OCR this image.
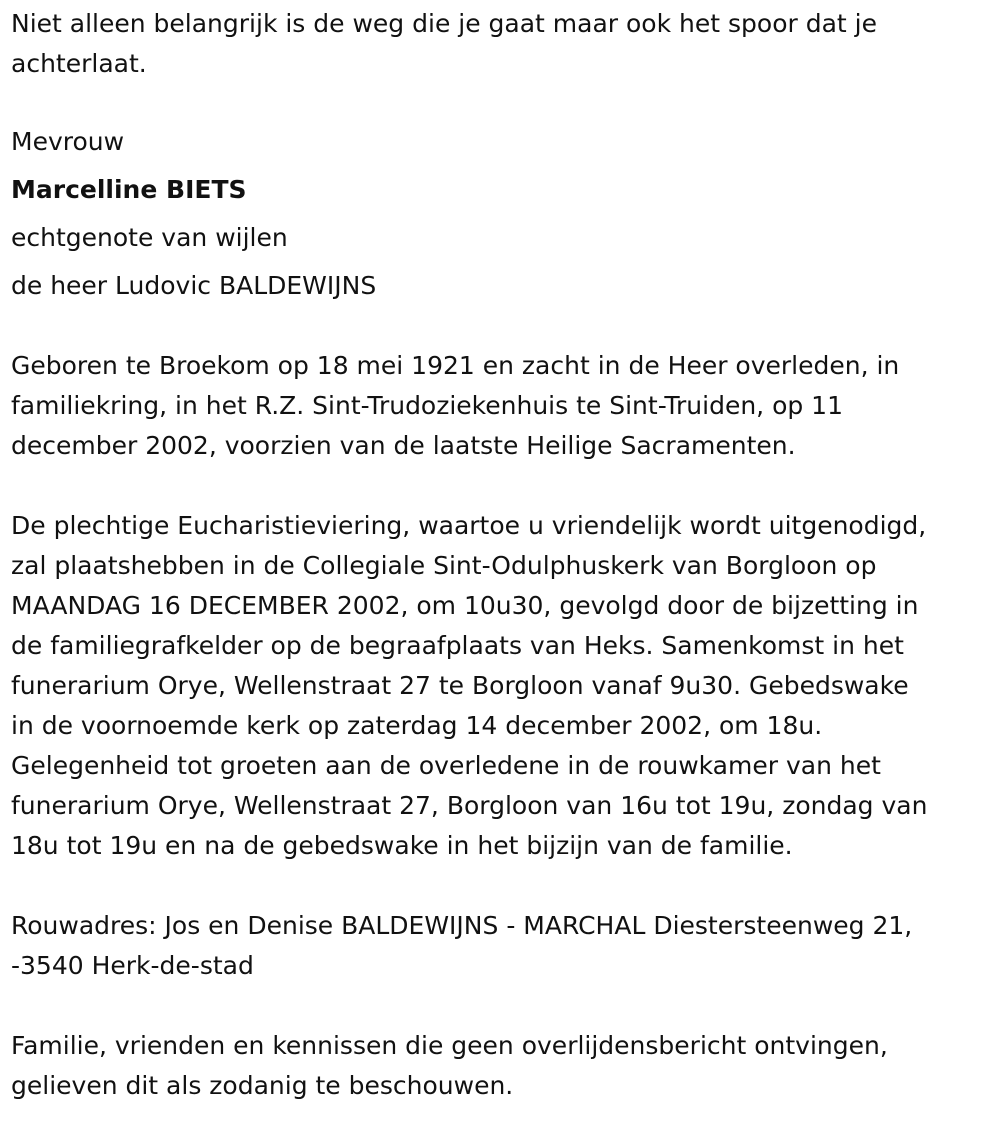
Niet alleen belangrijk is de weg die je gaat maar ook het spoor dat je

achterlaat.

Mevrouw

Marcelline BIETS

echtgenote van wijlen

de heer Ludovic BALDEWIJNS

Geboren te Broekom op 18 mei 1921 en zacht in de Heer overleden, in

familiekring, in het R.Z. Sint-Trudoziekenhuis te Sint-Truiden, op 11

december 2002, voorzien van de laatste Heilige Sacramenten.

De plechtige Eucharistieviering, waartoe u vriendelijk wordt uitgenodigd,

zal plaatshebben in de Collegiale Sint-Odulphuskerk van Borgloon op

MAANDAG 16 DECEMBER 2002, om 10u30, gevolgd door de bijzetting in

de familiegrafkelder op de begraafplaats van Heks. Samenkomst in het

funerarium Orye, Wellenstraat 27 te Borgloon vanaf 9u30. Gebedswake

in de voornoemde kerk op zaterdag 14 december 2002, om 18u.

Gelegenheid tot groeten aan de overledene in de rouwkamer van het

funerarium Orye, Wellenstraat 27, Borgloon van 16u tot 19u, zondag van

18u tot 19u en na de gebedswake in het bijzijn van de familie.

Rouwadres: Jos en Denise BALDEWIJNS - MARCHAL Diestersteenweg 21,

-3540 Herk-de-stad

Familie, vrienden en kennissen die geen overlijdensbericht ontvingen,

gelieven dit als zodanig te beschouwen.
